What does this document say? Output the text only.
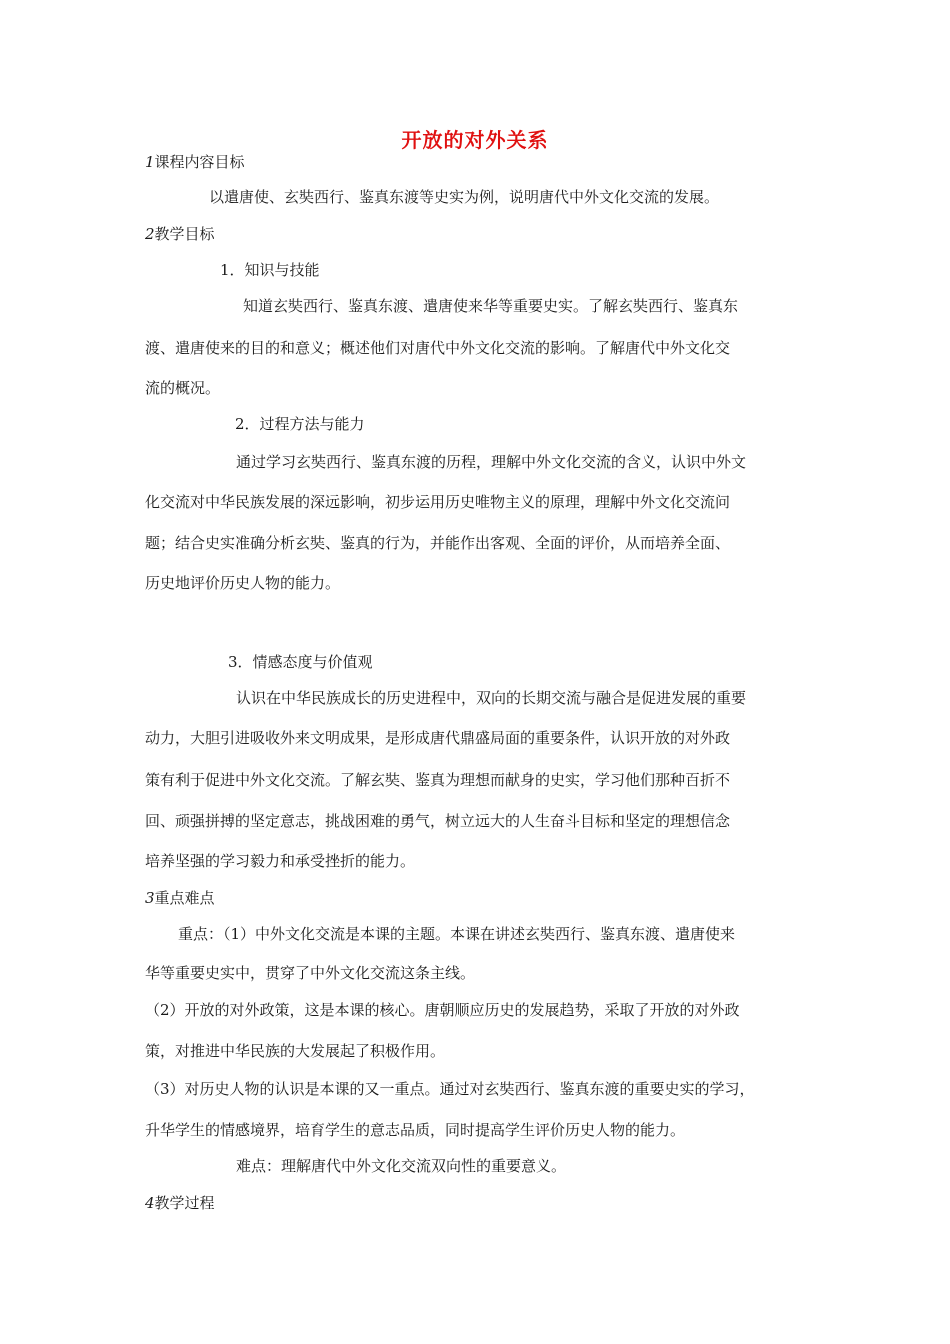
开放的对外关系
1课程内容目标
以遣唐使、玄奘西行、鉴真东渡等史实为例，说明唐代中外文化交流的发展。
2教学目标
1．知识与技能
知道玄奘西行、鉴真东渡、遣唐使来华等重要史实。了解玄奘西行、鉴真东
渡、遣唐使来的目的和意义；概述他们对唐代中外文化交流的影响。了解唐代中外文化交
流的概况。
2．过程方法与能力
通过学习玄奘西行、鉴真东渡的历程，理解中外文化交流的含义，认识中外文
化交流对中华民族发展的深远影响，初步运用历史唯物主义的原理，理解中外文化交流问
题；结合史实准确分析玄奘、鉴真的行为，并能作出客观、全面的评价，从而培养全面、
历史地评价历史人物的能力。
3．情感态度与价值观
认识在中华民族成长的历史进程中，双向的长期交流与融合是促进发展的重要
动力，大胆引进吸收外来文明成果，是形成唐代鼎盛局面的重要条件，认识开放的对外政
策有利于促进中外文化交流。了解玄奘、鉴真为理想而献身的史实，学习他们那种百折不
回、顽强拼搏的坚定意志，挑战困难的勇气，树立远大的人生奋斗目标和坚定的理想信念
培养坚强的学习毅力和承受挫折的能力。
3重点难点
重点：（1）中外文化交流是本课的主题。本课在讲述玄奘西行、鉴真东渡、遣唐使来
华等重要史实中，贯穿了中外文化交流这条主线。
（2）开放的对外政策，这是本课的核心。唐朝顺应历史的发展趋势，采取了开放的对外政
策，对推进中华民族的大发展起了积极作用。
（3）对历史人物的认识是本课的又一重点。通过对玄奘西行、鉴真东渡的重要史实的学习，
升华学生的情感境界，培育学生的意志品质，同时提高学生评价历史人物的能力。
难点：理解唐代中外文化交流双向性的重要意义。
4教学过程
